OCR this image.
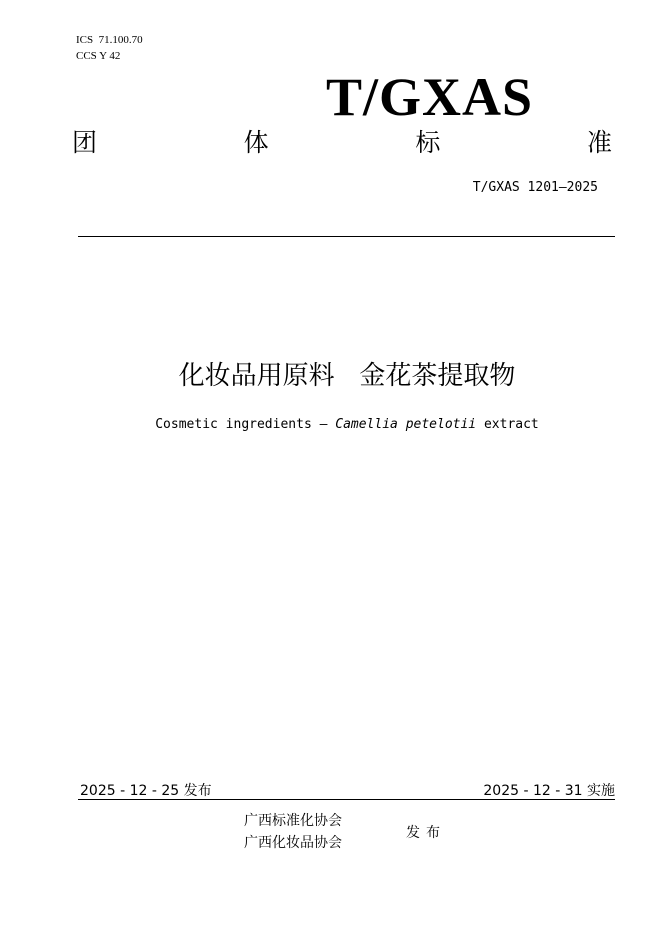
ICS  71.100.70
CCS Y 42
T/GXAS
团	体	标	准
T/GXAS 1201—2025
化妆品用原料   金花茶提取物
Cosmetic ingredients — Camellia petelotii extract
2025 - 12 - 25 发布	2025 - 12 - 31 实施
广西标准化协会
广西化妆品协会
发布
